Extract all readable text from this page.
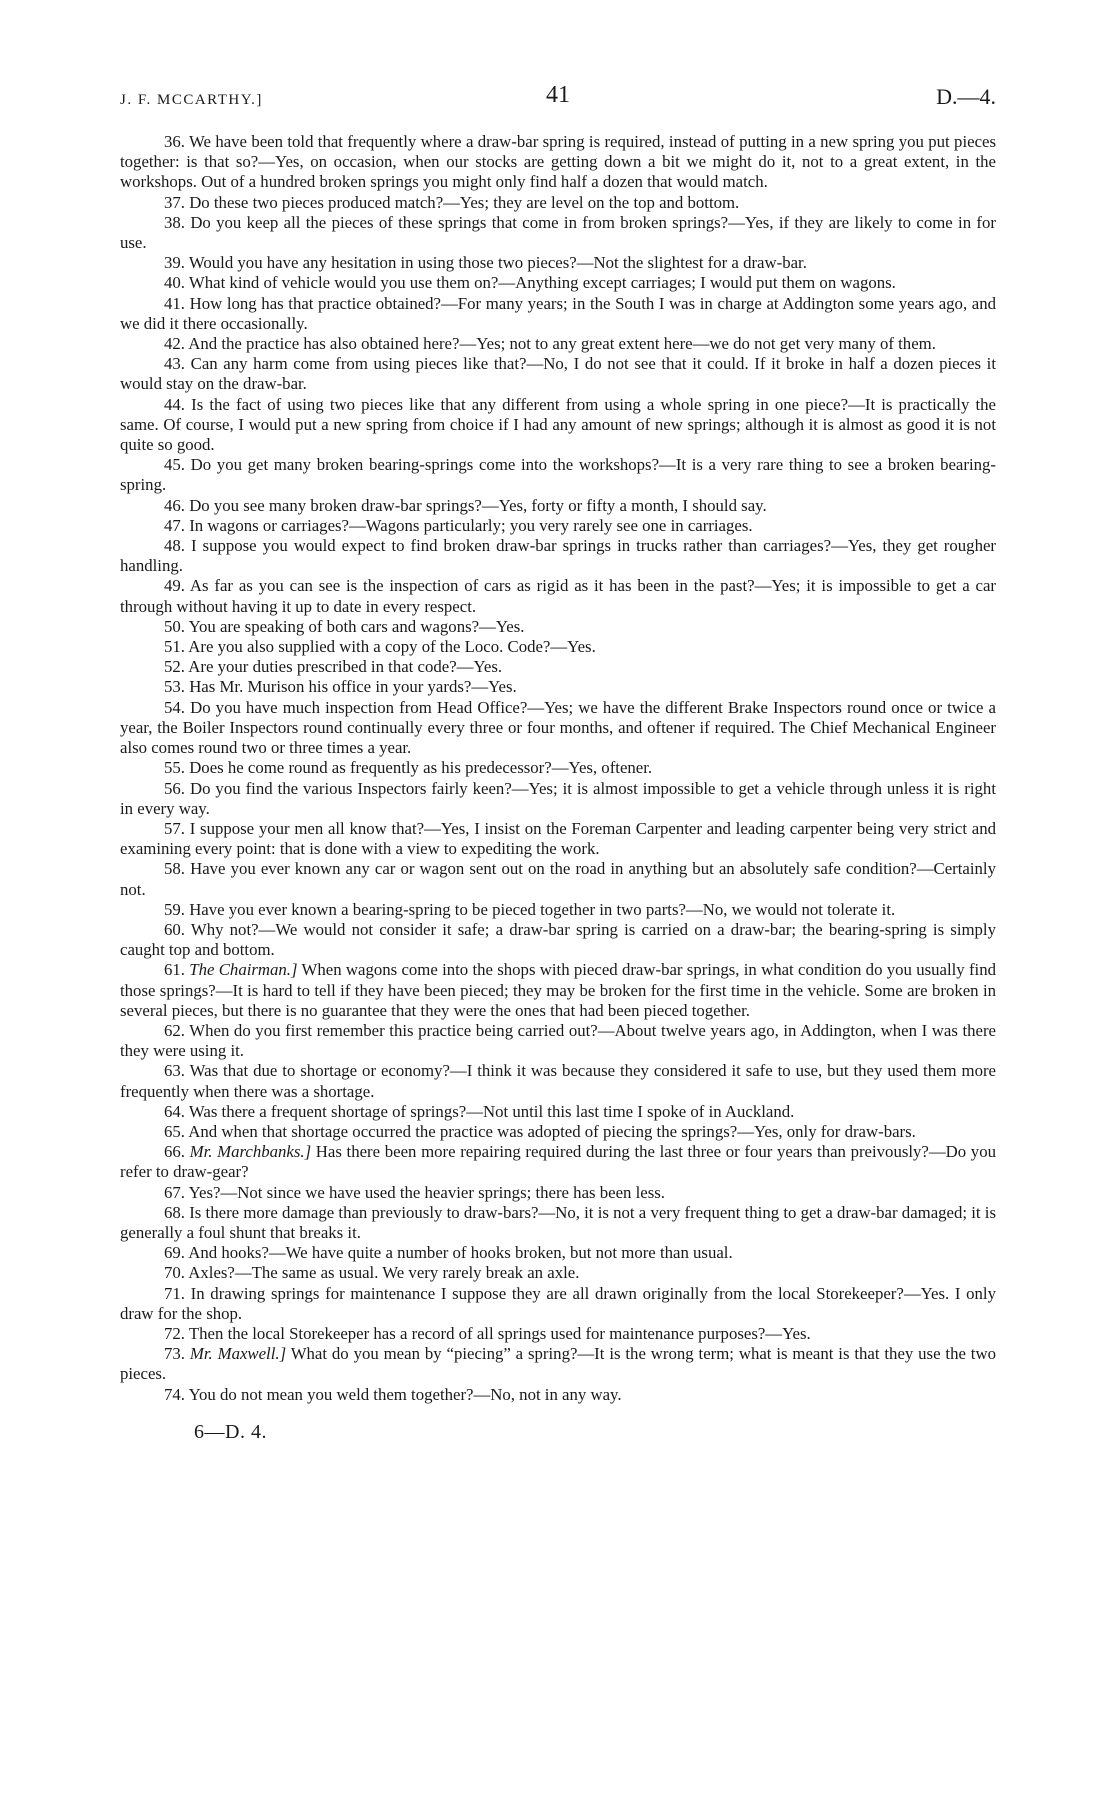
J. F. MCCARTHY.]	41	D.—4.

36. We have been told that frequently where a draw-bar spring is required, instead of putting in a new spring you put pieces together: is that so?—Yes, on occasion, when our stocks are getting down a bit we might do it, not to a great extent, in the workshops. Out of a hundred broken springs you might only find half a dozen that would match.

37. Do these two pieces produced match?—Yes; they are level on the top and bottom.

38. Do you keep all the pieces of these springs that come in from broken springs?—Yes, if they are likely to come in for use.

39. Would you have any hesitation in using those two pieces?—Not the slightest for a draw-bar.

40. What kind of vehicle would you use them on?—Anything except carriages; I would put them on wagons.

41. How long has that practice obtained?—For many years; in the South I was in charge at Addington some years ago, and we did it there occasionally.

42. And the practice has also obtained here?—Yes; not to any great extent here—we do not get very many of them.

43. Can any harm come from using pieces like that?—No, I do not see that it could. If it broke in half a dozen pieces it would stay on the draw-bar.

44. Is the fact of using two pieces like that any different from using a whole spring in one piece?—It is practically the same. Of course, I would put a new spring from choice if I had any amount of new springs; although it is almost as good it is not quite so good.

45. Do you get many broken bearing-springs come into the workshops?—It is a very rare thing to see a broken bearing-spring.

46. Do you see many broken draw-bar springs?—Yes, forty or fifty a month, I should say.

47. In wagons or carriages?—Wagons particularly; you very rarely see one in carriages.

48. I suppose you would expect to find broken draw-bar springs in trucks rather than carriages?—Yes, they get rougher handling.

49. As far as you can see is the inspection of cars as rigid as it has been in the past?—Yes; it is impossible to get a car through without having it up to date in every respect.

50. You are speaking of both cars and wagons?—Yes.

51. Are you also supplied with a copy of the Loco. Code?—Yes.

52. Are your duties prescribed in that code?—Yes.

53. Has Mr. Murison his office in your yards?—Yes.

54. Do you have much inspection from Head Office?—Yes; we have the different Brake Inspectors round once or twice a year, the Boiler Inspectors round continually every three or four months, and oftener if required. The Chief Mechanical Engineer also comes round two or three times a year.

55. Does he come round as frequently as his predecessor?—Yes, oftener.

56. Do you find the various Inspectors fairly keen?—Yes; it is almost impossible to get a vehicle through unless it is right in every way.

57. I suppose your men all know that?—Yes, I insist on the Foreman Carpenter and leading carpenter being very strict and examining every point: that is done with a view to expediting the work.

58. Have you ever known any car or wagon sent out on the road in anything but an absolutely safe condition?—Certainly not.

59. Have you ever known a bearing-spring to be pieced together in two parts?—No, we would not tolerate it.

60. Why not?—We would not consider it safe; a draw-bar spring is carried on a draw-bar; the bearing-spring is simply caught top and bottom.

61. The Chairman.] When wagons come into the shops with pieced draw-bar springs, in what condition do you usually find those springs?—It is hard to tell if they have been pieced; they may be broken for the first time in the vehicle. Some are broken in several pieces, but there is no guarantee that they were the ones that had been pieced together.

62. When do you first remember this practice being carried out?—About twelve years ago, in Addington, when I was there they were using it.

63. Was that due to shortage or economy?—I think it was because they considered it safe to use, but they used them more frequently when there was a shortage.

64. Was there a frequent shortage of springs?—Not until this last time I spoke of in Auckland.

65. And when that shortage occurred the practice was adopted of piecing the springs?—Yes, only for draw-bars.

66. Mr. Marchbanks.] Has there been more repairing required during the last three or four years than preivously?—Do you refer to draw-gear?

67. Yes?—Not since we have used the heavier springs; there has been less.

68. Is there more damage than previously to draw-bars?—No, it is not a very frequent thing to get a draw-bar damaged; it is generally a foul shunt that breaks it.

69. And hooks?—We have quite a number of hooks broken, but not more than usual.

70. Axles?—The same as usual. We very rarely break an axle.

71. In drawing springs for maintenance I suppose they are all drawn originally from the local Storekeeper?—Yes. I only draw for the shop.

72. Then the local Storekeeper has a record of all springs used for maintenance purposes?—Yes.

73. Mr. Maxwell.] What do you mean by “piecing” a spring?—It is the wrong term; what is meant is that they use the two pieces.

74. You do not mean you weld them together?—No, not in any way.

6—D. 4.
